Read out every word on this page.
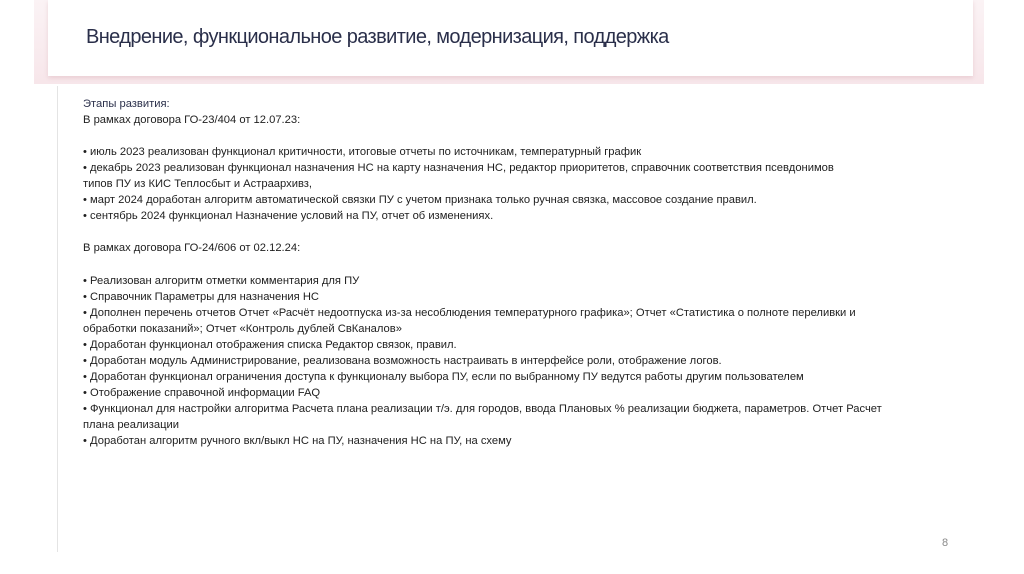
Внедрение, функциональное развитие, модернизация, поддержка
Этапы развития:
В рамках договора ГО-23/404 от 12.07.23:
• июль 2023 реализован функционал критичности, итоговые отчеты по источникам, температурный график
• декабрь 2023 реализован функционал назначения НС на карту назначения НС, редактор приоритетов, справочник соответствия псевдонимов
типов ПУ из КИС Теплосбыт и Астраархивз,
• март 2024 доработан алгоритм автоматической связки ПУ с учетом признака только ручная связка, массовое создание правил.
• сентябрь 2024 функционал Назначение условий на ПУ, отчет об изменениях.
В рамках договора ГО-24/606 от 02.12.24:
• Реализован алгоритм отметки комментария для ПУ
• Справочник Параметры для назначения НС
• Дополнен перечень отчетов Отчет «Расчёт недоотпуска из-за несоблюдения температурного графика»; Отчет «Статистика о полноте переливки и
обработки показаний»; Отчет «Контроль дублей СвКаналов»
• Доработан функционал отображения списка Редактор связок, правил.
• Доработан модуль Администрирование, реализована возможность настраивать в интерфейсе роли, отображение логов.
• Доработан функционал ограничения доступа к функционалу выбора ПУ, если по выбранному ПУ ведутся работы другим пользователем
• Отображение справочной информации FAQ
• Функционал для настройки алгоритма Расчета плана реализации т/э. для городов, ввода Плановых % реализации бюджета, параметров. Отчет Расчет
плана реализации
• Доработан алгоритм ручного вкл/выкл НС на ПУ, назначения НС на ПУ, на схему
8
